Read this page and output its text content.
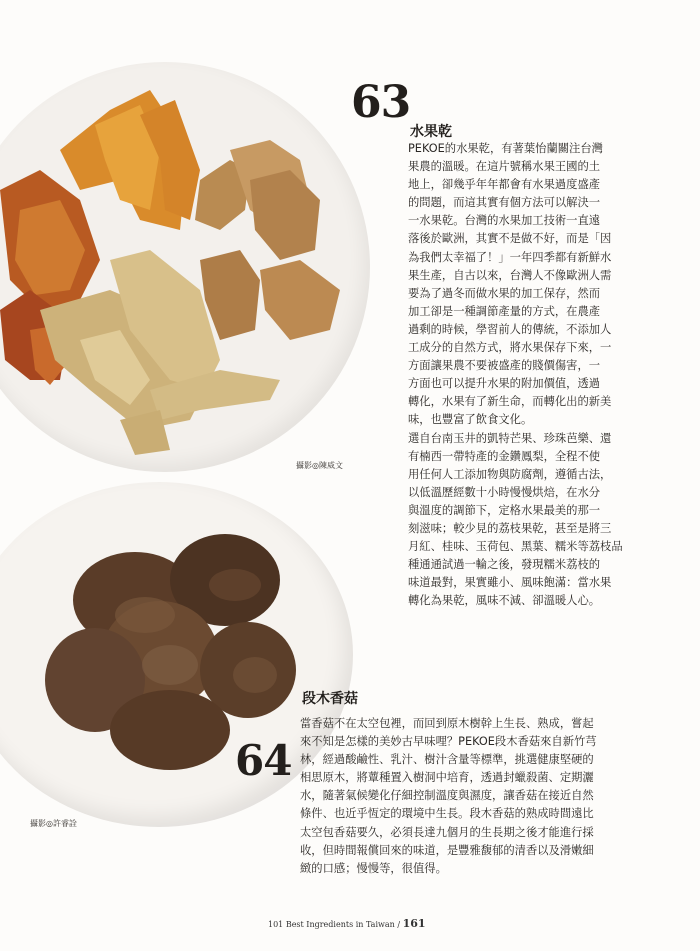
63
水果乾
攝影◎陳威文
PEKOE的水果乾，有著葉怡蘭關注台灣
果農的溫暖。在這片號稱水果王國的土
地上，卻幾乎年年都會有水果過度盛產
的問題，而這其實有個方法可以解決一
一水果乾。台灣的水果加工技術一直遠
落後於歐洲，其實不是做不好，而是「因
為我們太幸福了！」一年四季都有新鮮水
果生產，自古以來，台灣人不像歐洲人需
要為了過冬而做水果的加工保存，然而
加工卻是一種調節產量的方式，在農產
過剩的時候，學習前人的傳統，不添加人
工成分的自然方式，將水果保存下來，一
方面讓果農不要被盛產的賤價傷害，一
方面也可以提升水果的附加價值，透過
轉化，水果有了新生命，而轉化出的新美
味，也豐富了飲食文化。
選自台南玉井的凱特芒果、珍珠芭樂、還
有楠西一帶特產的金鑽鳳梨，全程不使
用任何人工添加物與防腐劑，遵循古法，
以低溫歷經數十小時慢慢烘焙，在水分
與溫度的調節下，定格水果最美的那一
刻滋味；較少見的荔枝果乾，甚至是將三
月紅、桂味、玉荷包、黑葉、糯米等荔枝品
種通通試過一輪之後，發現糯米荔枝的
味道最對，果實雖小、風味飽滿：當水果
轉化為果乾，風味不減、卻溫暖人心。
段木香菇
64
攝影◎許睿詮
當香菇不在太空包裡，而回到原木樹幹上生長、熟成，嘗起
來不知是怎樣的美妙古早味哩？PEKOE段木香菇來自新竹芎
林，經過酸鹼性、乳汁、樹汁含量等標準，挑選健康堅硬的
相思原木，將蕈種置入樹洞中培育，透過封蠟殺菌、定期灑
水，隨著氣候變化仔細控制溫度與濕度，讓香菇在接近自然
條件、也近乎恆定的環境中生長。段木香菇的熟成時間遠比
太空包香菇要久，必須長達九個月的生長期之後才能進行採
收，但時間報償回來的味道，是豐雅馥郁的清香以及滑嫩細
緻的口感；慢慢等，很值得。
101 Best Ingredients in Taiwan / 161
